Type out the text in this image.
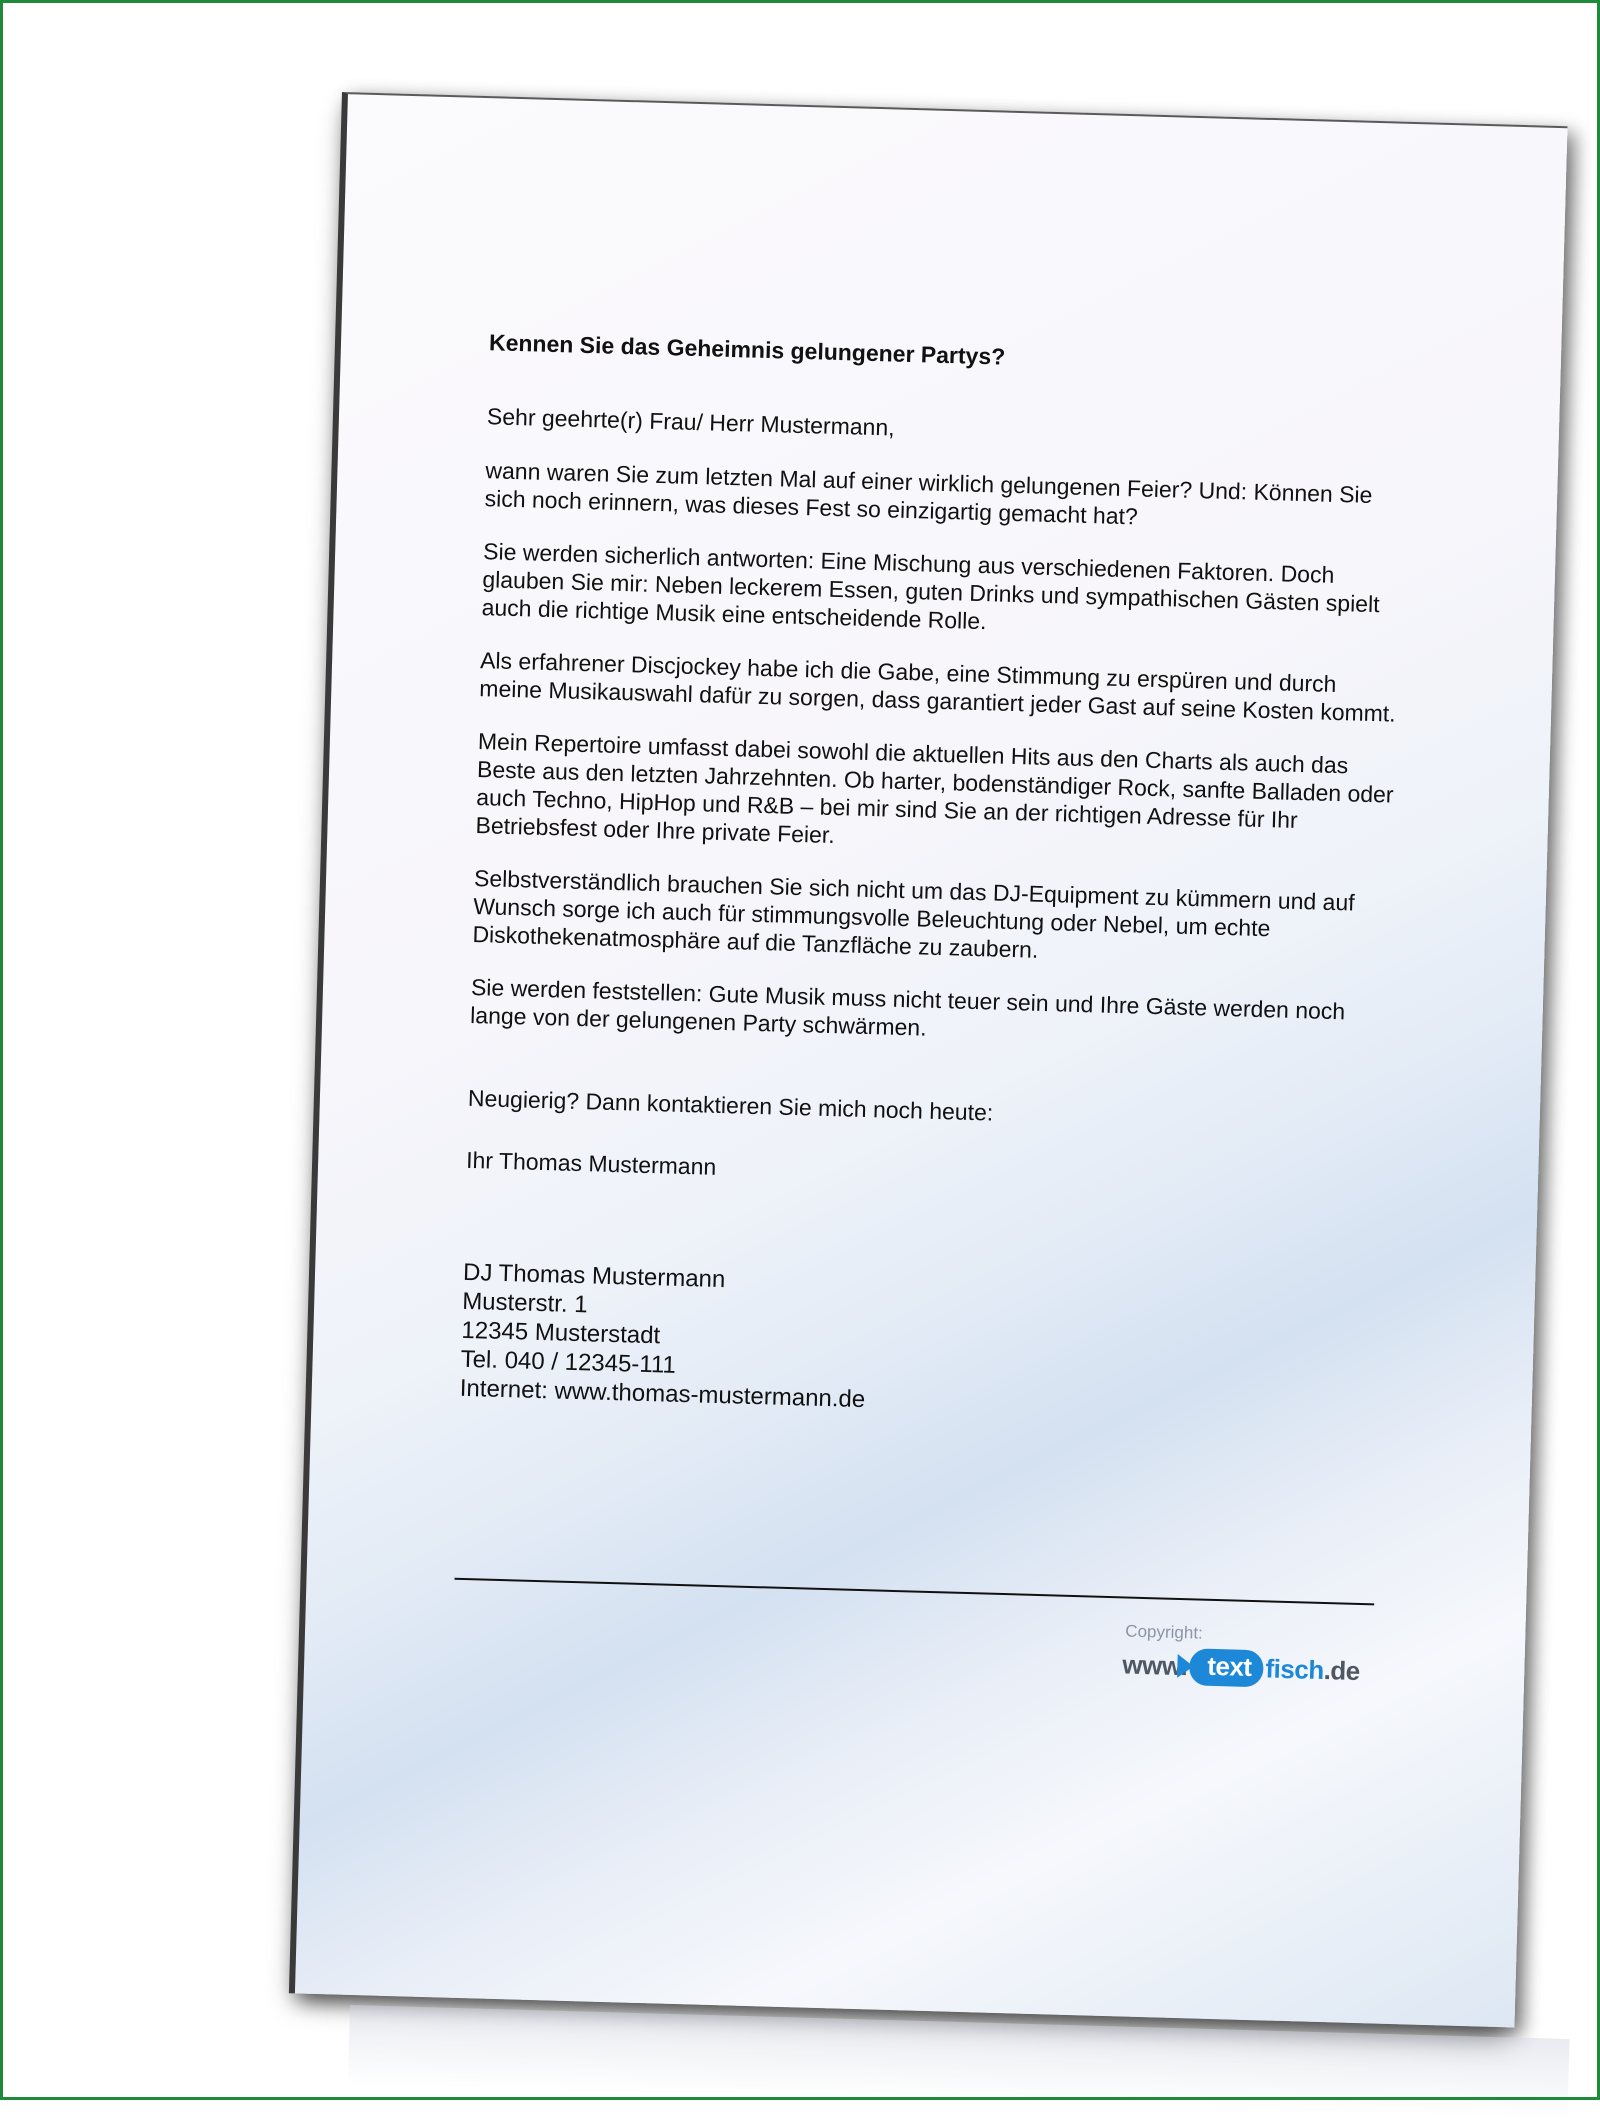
Kennen Sie das Geheimnis gelungener Partys?
Sehr geehrte(r) Frau/ Herr Mustermann,
wann waren Sie zum letzten Mal auf einer wirklich gelungenen Feier? Und: Können Sie sich noch erinnern, was dieses Fest so einzigartig gemacht hat?
Sie werden sicherlich antworten: Eine Mischung aus verschiedenen Faktoren. Doch glauben Sie mir: Neben leckerem Essen, guten Drinks und sympathischen Gästen spielt auch die richtige Musik eine entscheidende Rolle.
Als erfahrener Discjockey habe ich die Gabe, eine Stimmung zu erspüren und durch meine Musikauswahl dafür zu sorgen, dass garantiert jeder Gast auf seine Kosten kommt.
Mein Repertoire umfasst dabei sowohl die aktuellen Hits aus den Charts als auch das Beste aus den letzten Jahrzehnten. Ob harter, bodenständiger Rock, sanfte Balladen oder auch Techno, HipHop und R&B – bei mir sind Sie an der richtigen Adresse für Ihr Betriebsfest oder Ihre private Feier.
Selbstverständlich brauchen Sie sich nicht um das DJ-Equipment zu kümmern und auf Wunsch sorge ich auch für stimmungsvolle Beleuchtung oder Nebel, um echte Diskothekenatmosphäre auf die Tanzfläche zu zaubern.
Sie werden feststellen: Gute Musik muss nicht teuer sein und Ihre Gäste werden noch lange von der gelungenen Party schwärmen.
Neugierig? Dann kontaktieren Sie mich noch heute:
Ihr Thomas Mustermann
DJ Thomas Mustermann
Musterstr. 1
12345 Musterstadt
Tel. 040 / 12345-111
Internet: www.thomas-mustermann.de
Copyright:
www. text fisch .de
